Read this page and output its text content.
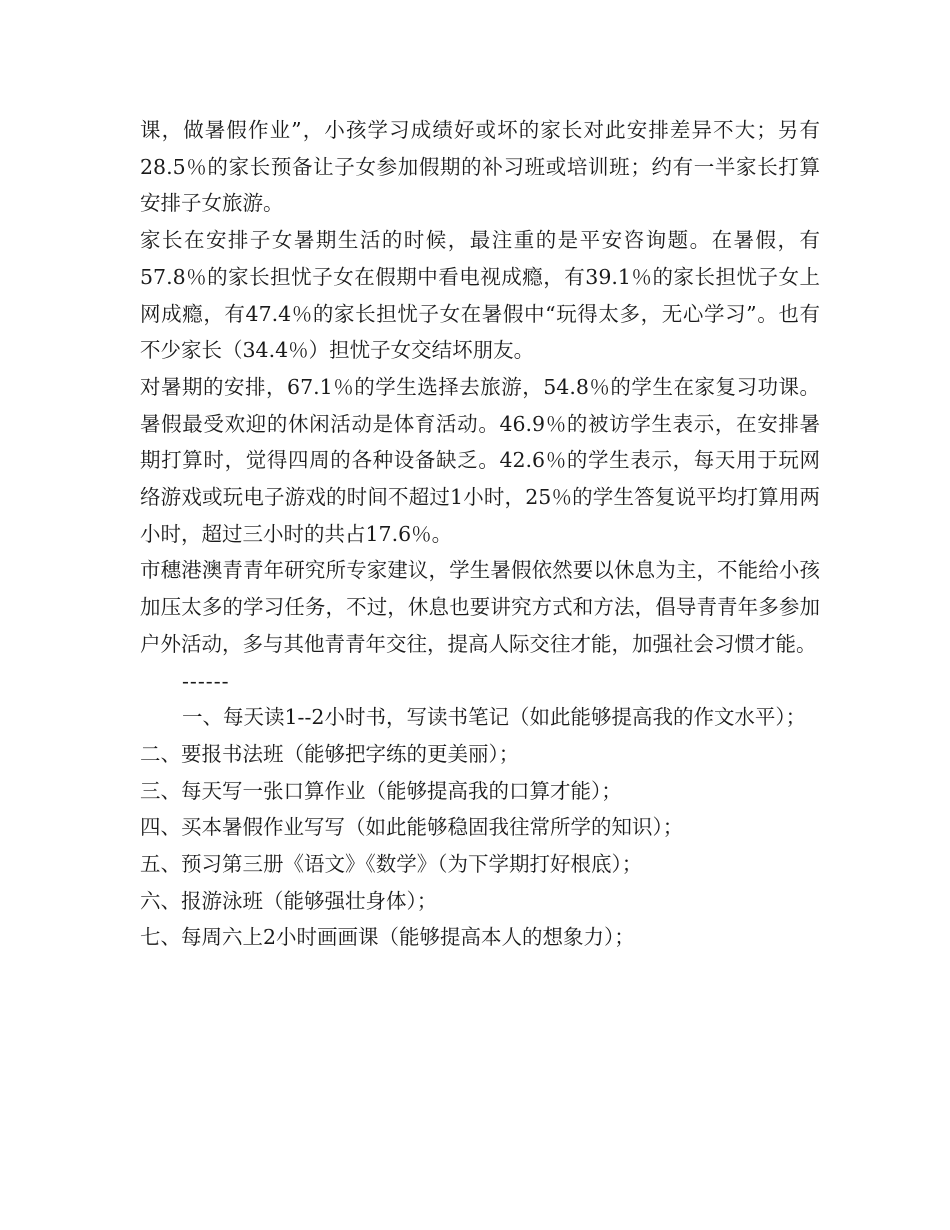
课，做暑假作业”，小孩学习成绩好或坏的家长对此安排差异不大；另有28.5％的家长预备让子女参加假期的补习班或培训班；约有一半家长打算安排子女旅游。

家长在安排子女暑期生活的时候，最注重的是平安咨询题。在暑假，有57.8％的家长担忧子女在假期中看电视成瘾，有39.1％的家长担忧子女上网成瘾，有47.4％的家长担忧子女在暑假中“玩得太多，无心学习”。也有不少家长（34.4％）担忧子女交结坏朋友。

对暑期的安排，67.1％的学生选择去旅游，54.8％的学生在家复习功课。暑假最受欢迎的休闲活动是体育活动。46.9％的被访学生表示，在安排暑期打算时，觉得四周的各种设备缺乏。42.6％的学生表示，每天用于玩网络游戏或玩电子游戏的时间不超过1小时，25％的学生答复说平均打算用两小时，超过三小时的共占17.6％。

市穗港澳青青年研究所专家建议，学生暑假依然要以休息为主，不能给小孩加压太多的学习任务，不过，休息也要讲究方式和方法，倡导青青年多参加户外活动，多与其他青青年交往，提高人际交往才能，加强社会习惯才能。

------

一、每天读1--2小时书，写读书笔记（如此能够提高我的作文水平）；

二、要报书法班（能够把字练的更美丽）；

三、每天写一张口算作业（能够提高我的口算才能）；

四、买本暑假作业写写（如此能够稳固我往常所学的知识）；

五、预习第三册《语文》《数学》（为下学期打好根底）；

六、报游泳班（能够强壮身体）；

七、每周六上2小时画画课（能够提高本人的想象力）；
